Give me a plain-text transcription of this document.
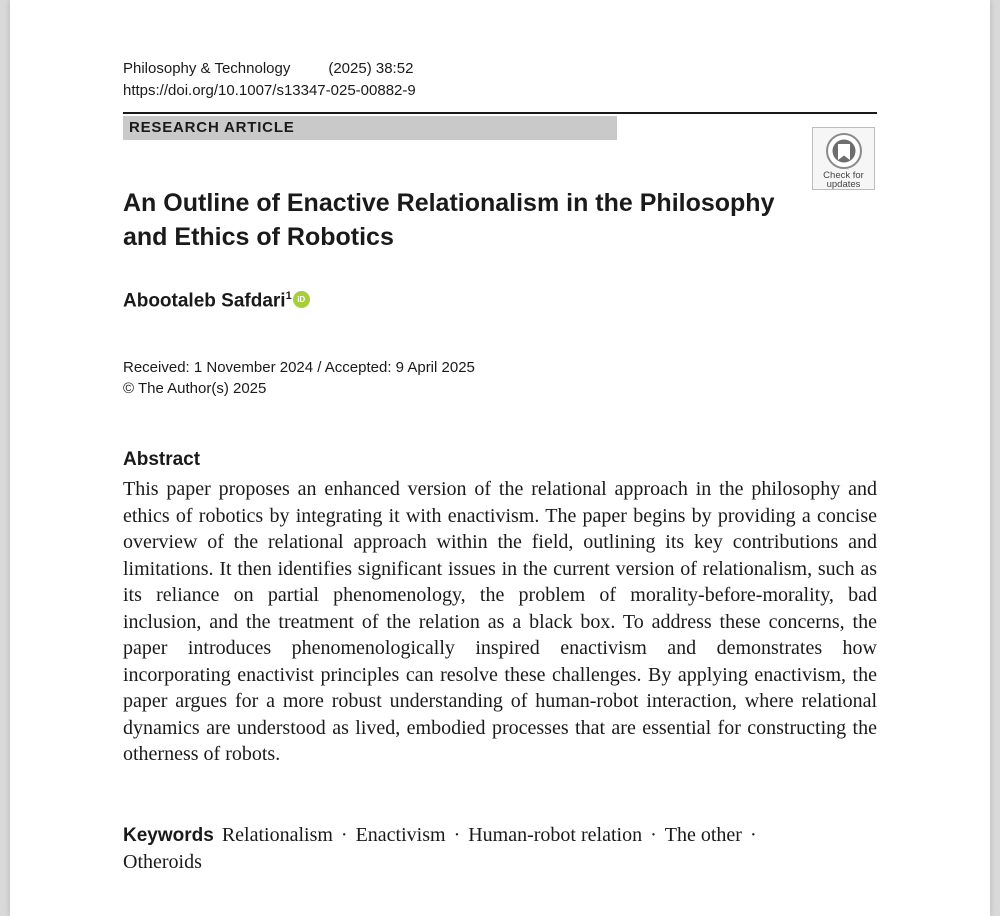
Philosophy & Technology	(2025) 38:52
https://doi.org/10.1007/s13347-025-00882-9
RESEARCH ARTICLE
Check for
updates
An Outline of Enactive Relationalism in the Philosophy and Ethics of Robotics
Abootaleb Safdari$^1$ iD
Received: 1 November 2024 / Accepted: 9 April 2025
© The Author(s) 2025
Abstract
This paper proposes an enhanced version of the relational approach in the philosophy and ethics of robotics by integrating it with enactivism. The paper begins by providing a concise overview of the relational approach within the field, outlining its key contributions and limitations. It then identifies significant issues in the current version of relationalism, such as its reliance on partial phenomenology, the problem of morality-before-morality, bad inclusion, and the treatment of the relation as a black box. To address these concerns, the paper introduces phenomenologically inspired enactivism and demonstrates how incorporating enactivist principles can resolve these challenges. By applying enactivism, the paper argues for a more robust understanding of human-robot interaction, where relational dynamics are understood as lived, embodied processes that are essential for constructing the otherness of robots.
Keywords Relationalism · Enactivism · Human-robot relation · The other ·
Otheroids
